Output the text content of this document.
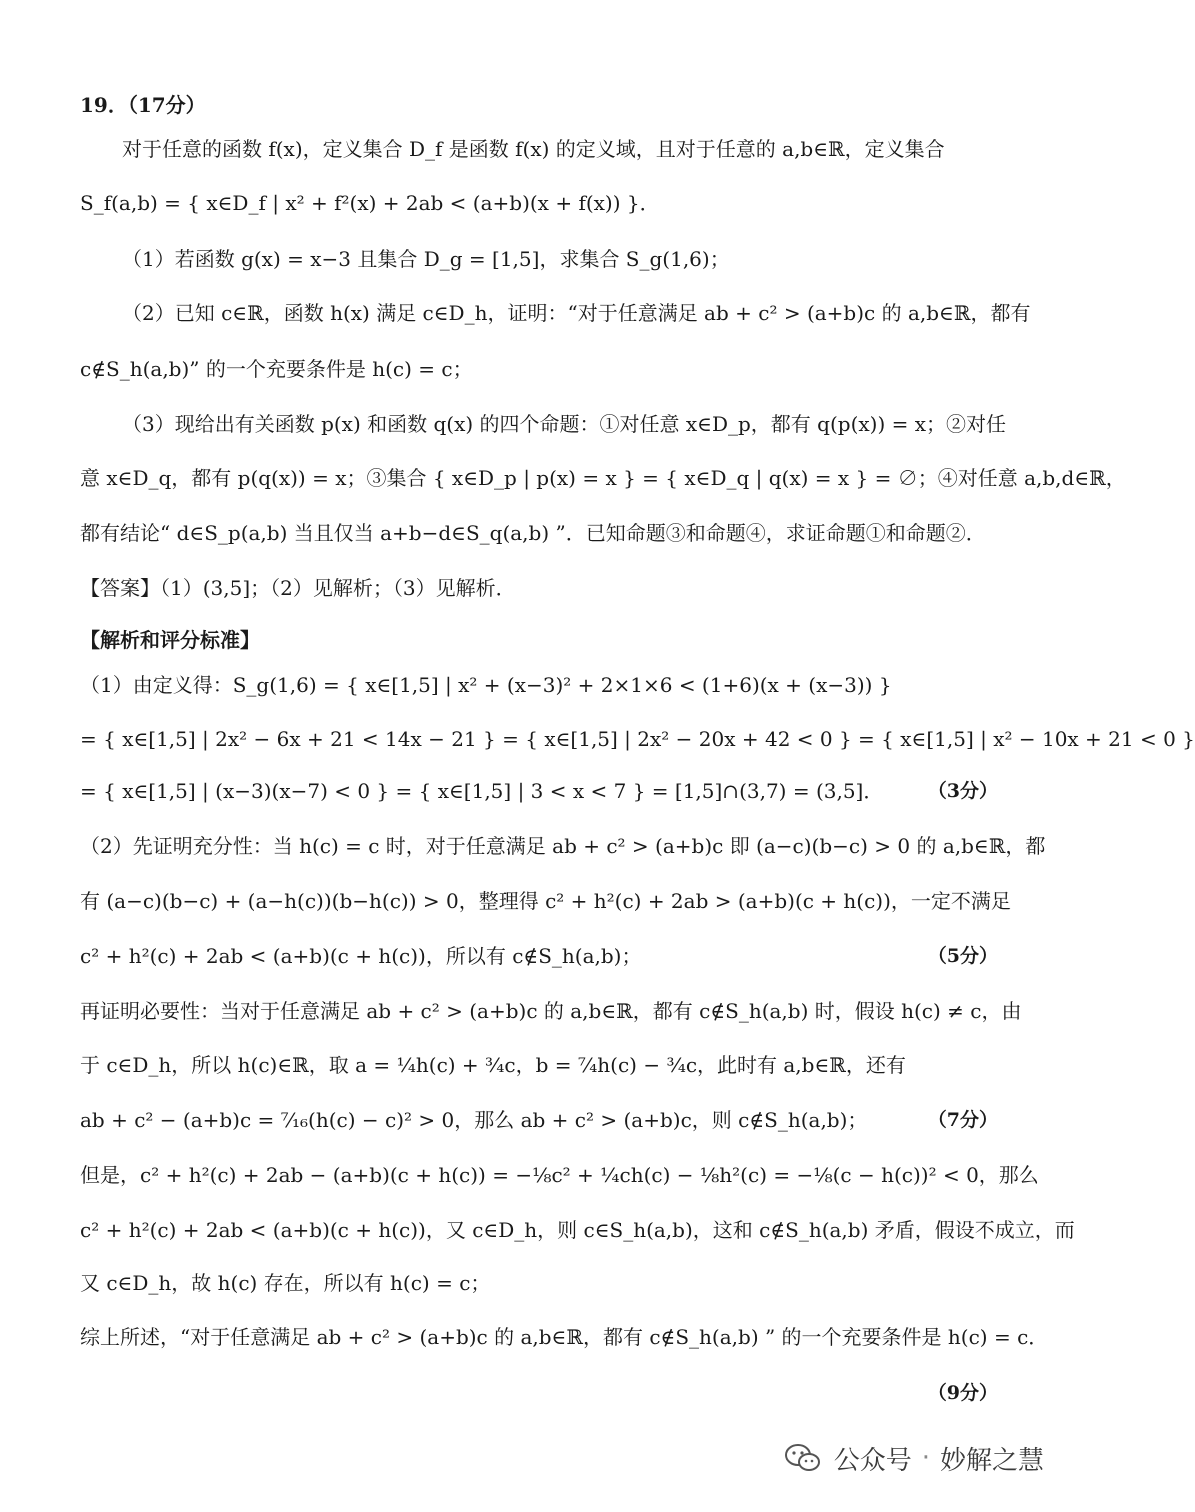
19．（17分）
对于任意的函数 f(x)，定义集合 D_f 是函数 f(x) 的定义域，且对于任意的 a,b∈ℝ，定义集合
S_f(a,b) = { x∈D_f | x² + f²(x) + 2ab < (a+b)(x + f(x)) }．
（1）若函数 g(x) = x−3 且集合 D_g = [1,5]，求集合 S_g(1,6)；
（2）已知 c∈ℝ，函数 h(x) 满足 c∈D_h，证明：“对于任意满足 ab + c² > (a+b)c 的 a,b∈ℝ，都有
c∉S_h(a,b)” 的一个充要条件是 h(c) = c；
（3）现给出有关函数 p(x) 和函数 q(x) 的四个命题：①对任意 x∈D_p，都有 q(p(x)) = x；②对任
意 x∈D_q，都有 p(q(x)) = x；③集合 { x∈D_p | p(x) = x } = { x∈D_q | q(x) = x } = ∅；④对任意 a,b,d∈ℝ，
都有结论“ d∈S_p(a,b) 当且仅当 a+b−d∈S_q(a,b) ”．已知命题③和命题④，求证命题①和命题②．
【答案】（1）(3,5]；（2）见解析；（3）见解析．
【解析和评分标准】
（1）由定义得：S_g(1,6) = { x∈[1,5] | x² + (x−3)² + 2×1×6 < (1+6)(x + (x−3)) }
= { x∈[1,5] | 2x² − 6x + 21 < 14x − 21 } = { x∈[1,5] | 2x² − 20x + 42 < 0 } = { x∈[1,5] | x² − 10x + 21 < 0 }
= { x∈[1,5] | (x−3)(x−7) < 0 } = { x∈[1,5] | 3 < x < 7 } = [1,5]∩(3,7) = (3,5]． （3分）
（2）先证明充分性：当 h(c) = c 时，对于任意满足 ab + c² > (a+b)c 即 (a−c)(b−c) > 0 的 a,b∈ℝ，都
有 (a−c)(b−c) + (a−h(c))(b−h(c)) > 0，整理得 c² + h²(c) + 2ab > (a+b)(c + h(c))，一定不满足
c² + h²(c) + 2ab < (a+b)(c + h(c))，所以有 c∉S_h(a,b)；	（5分）
再证明必要性：当对于任意满足 ab + c² > (a+b)c 的 a,b∈ℝ，都有 c∉S_h(a,b) 时，假设 h(c) ≠ c，由
于 c∈D_h，所以 h(c)∈ℝ，取 a = ¼h(c) + ¾c，b = ⁷⁄₄h(c) − ¾c，此时有 a,b∈ℝ，还有
ab + c² − (a+b)c = ⁷⁄₁₆(h(c) − c)² > 0，那么 ab + c² > (a+b)c，则 c∉S_h(a,b)；	（7分）
但是，c² + h²(c) + 2ab − (a+b)(c + h(c)) = −⅛c² + ¼ch(c) − ⅛h²(c) = −⅛(c − h(c))² < 0，那么
c² + h²(c) + 2ab < (a+b)(c + h(c))，又 c∈D_h，则 c∈S_h(a,b)，这和 c∉S_h(a,b) 矛盾，假设不成立，而
又 c∈D_h，故 h(c) 存在，所以有 h(c) = c；
综上所述，“对于任意满足 ab + c² > (a+b)c 的 a,b∈ℝ，都有 c∉S_h(a,b) ” 的一个充要条件是 h(c) = c．
（9分）
公众号 · 妙解之慧
